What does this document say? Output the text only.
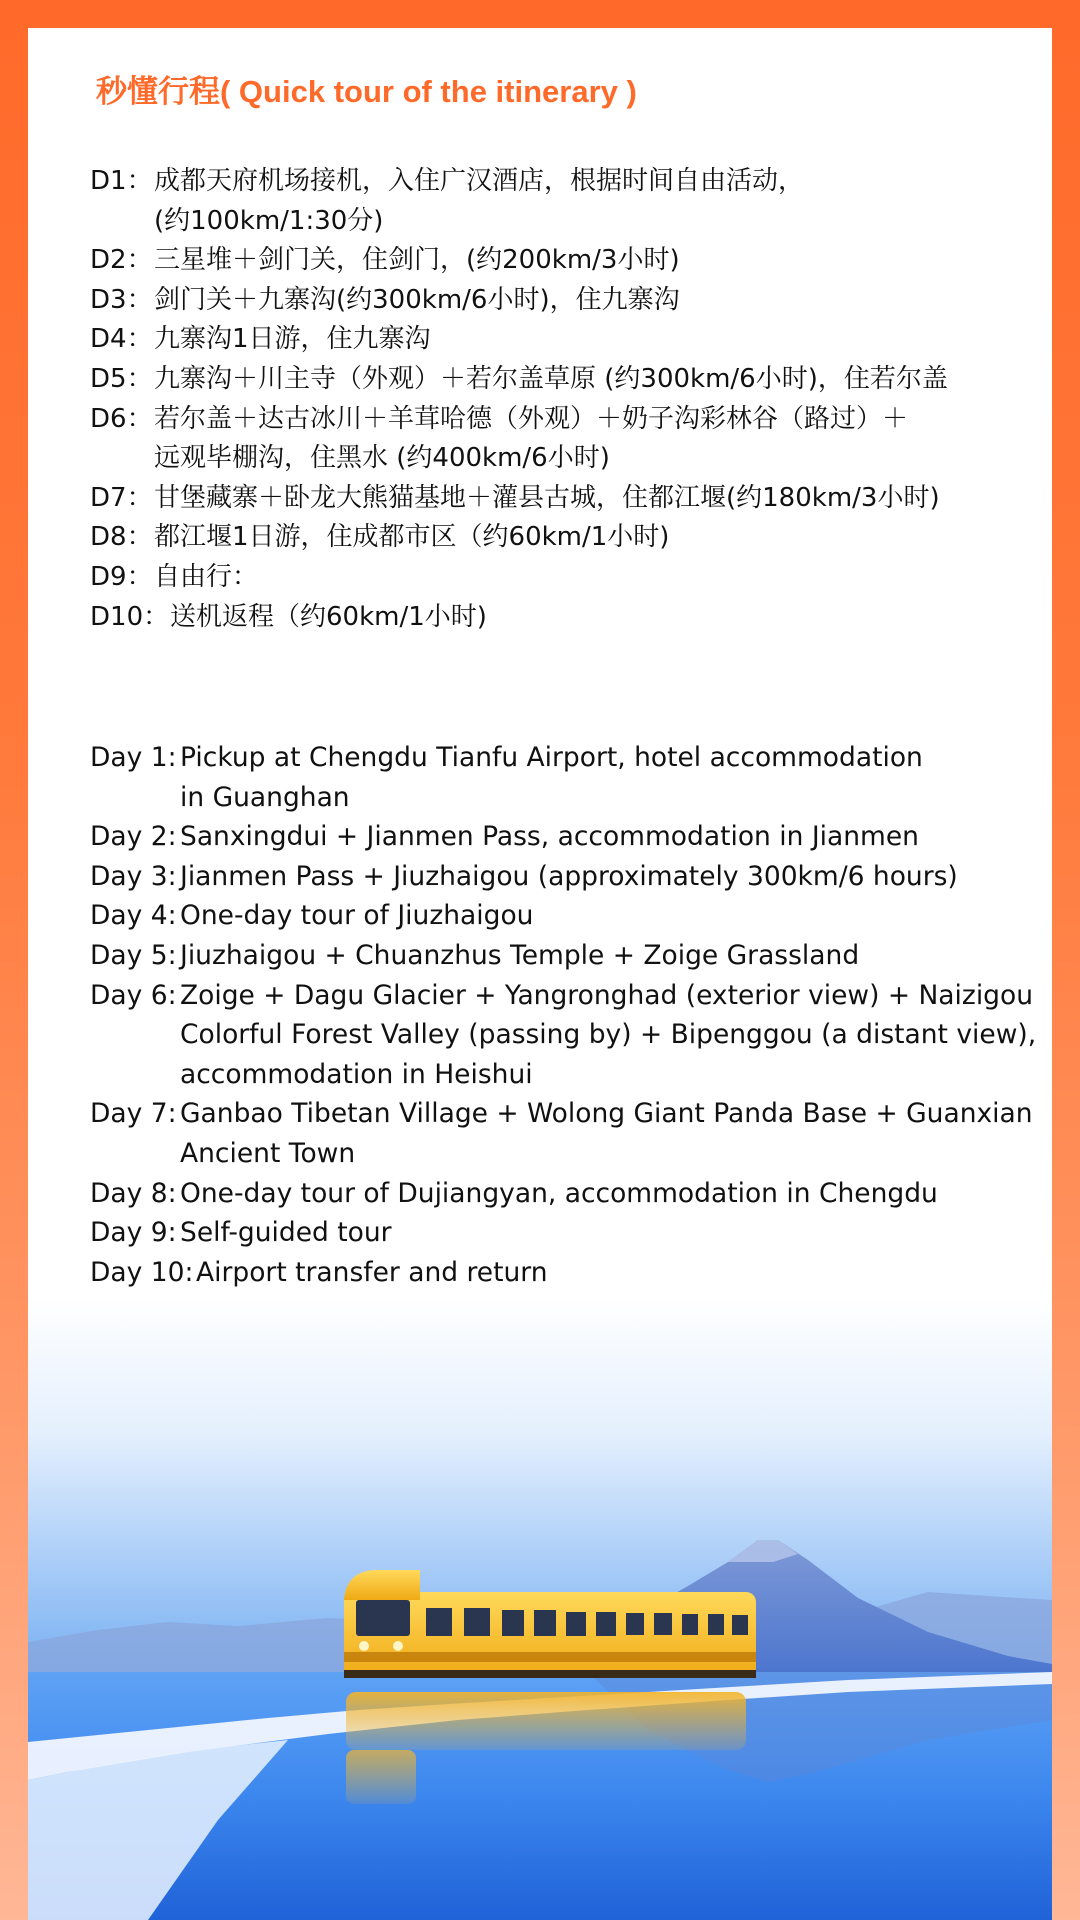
秒懂行程( Quick tour of the itinerary )
D1： 成都天府机场接机，入住广汉酒店，根据时间自由活动，
(约100km/1:30分)
D2： 三星堆＋剑门关，住剑门，(约200km/3小时)
D3： 剑门关＋九寨沟(约300km/6小时)，住九寨沟
D4： 九寨沟1日游，住九寨沟
D5： 九寨沟＋川主寺（外观）＋若尔盖草原 (约300km/6小时)，住若尔盖
D6： 若尔盖＋达古冰川＋羊茸哈德（外观）＋奶子沟彩林谷（路过）＋
远观毕棚沟，住黑水 (约400km/6小时)
D7： 甘堡藏寨＋卧龙大熊猫基地＋灌县古城，住都江堰(约180km/3小时)
D8： 都江堰1日游，住成都市区（约60km/1小时)
D9： 自由行：
D10： 送机返程（约60km/1小时)
Day 1: Pickup at Chengdu Tianfu Airport, hotel accommodation
in Guanghan
Day 2: Sanxingdui + Jianmen Pass, accommodation in Jianmen
Day 3: Jianmen Pass + Jiuzhaigou (approximately 300km/6 hours)
Day 4: One-day tour of Jiuzhaigou
Day 5: Jiuzhaigou + Chuanzhus Temple + Zoige Grassland
Day 6: Zoige + Dagu Glacier + Yangronghad (exterior view) + Naizigou
Colorful Forest Valley (passing by) + Bipenggou (a distant view),
accommodation in Heishui
Day 7: Ganbao Tibetan Village + Wolong Giant Panda Base + Guanxian
Ancient Town
Day 8: One-day tour of Dujiangyan, accommodation in Chengdu
Day 9: Self-guided tour
Day 10: Airport transfer and return
